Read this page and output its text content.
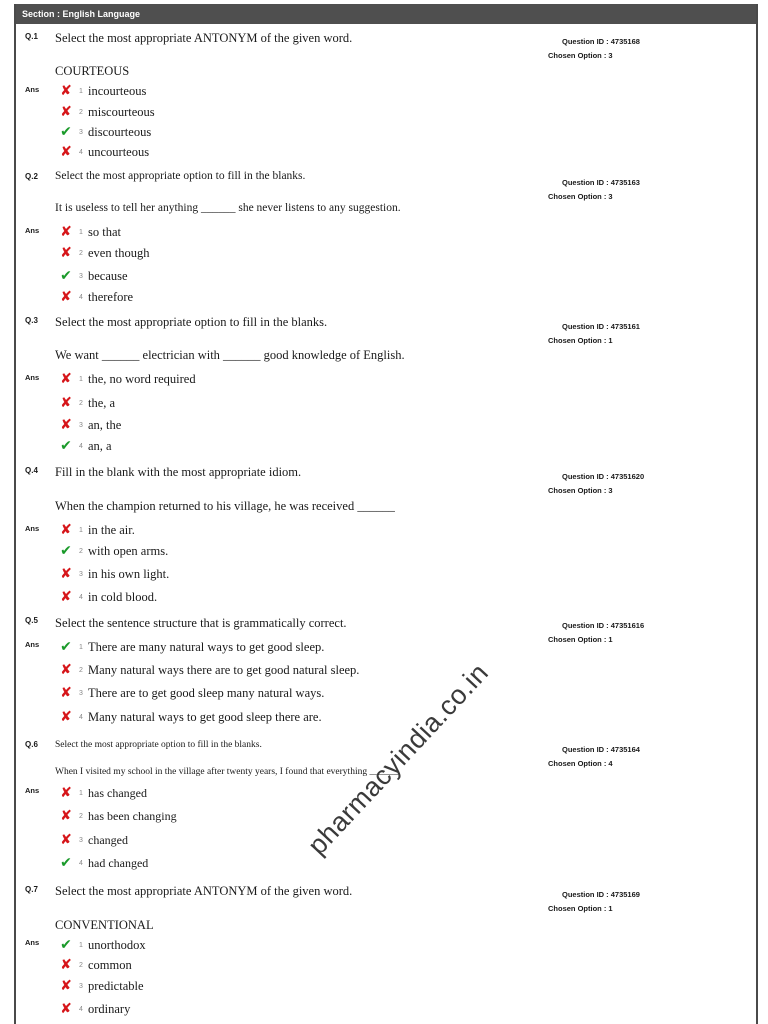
Section : English Language
Q.1 Select the most appropriate ANTONYM of the given word.	Question ID : 4735168
Chosen Option : 3
COURTEOUS
Ans ✘	1 incourteous
✘	2 miscourteous
✔	3 discourteous
✘	4 uncourteous
Q.2 Select the most appropriate option to fill in the blanks.
Question ID : 4735163
Chosen Option : 3
It is useless to tell her anything ______ she never listens to any suggestion.
Ans ✘	1 so that
✘	2 even though
✔	3 because
✘	4 therefore
Q.3 Select the most appropriate option to fill in the blanks.	Question ID : 4735161
Chosen Option : 1
We want ______ electrician with ______ good knowledge of English.
Ans ✘	1 the, no word required
✘	2 the, a
✘	3 an, the
✔	4 an, a
Q.4 Fill in the blank with the most appropriate idiom.	Question ID : 47351620
Chosen Option : 3
When the champion returned to his village, he was received ______
Ans ✘	1 in the air.
✔	2 with open arms.
✘	3 in his own light.
✘	4 in cold blood.
Q.5 Select the sentence structure that is grammatically correct.	Question ID : 47351616
Chosen Option : 1
Ans ✔	1 There are many natural ways to get good sleep.
✘	2 Many natural ways there are to get good natural sleep.
✘	3 There are to get good sleep many natural ways.
✘	4 Many natural ways to get good sleep there are.
Q.6 Select the most appropriate option to fill in the blanks.	Question ID : 4735164
Chosen Option : 4
When I visited my school in the village after twenty years, I found that everything ______.
Ans ✘	1 has changed
✘	2 has been changing
✘	3 changed
✔	4 had changed
Q.7 Select the most appropriate ANTONYM of the given word.	Question ID : 4735169
Chosen Option : 1
CONVENTIONAL
Ans ✔	1 unorthodox
✘	2 common
✘	3 predictable
✘	4 ordinary
pharmacyindia.co.in
